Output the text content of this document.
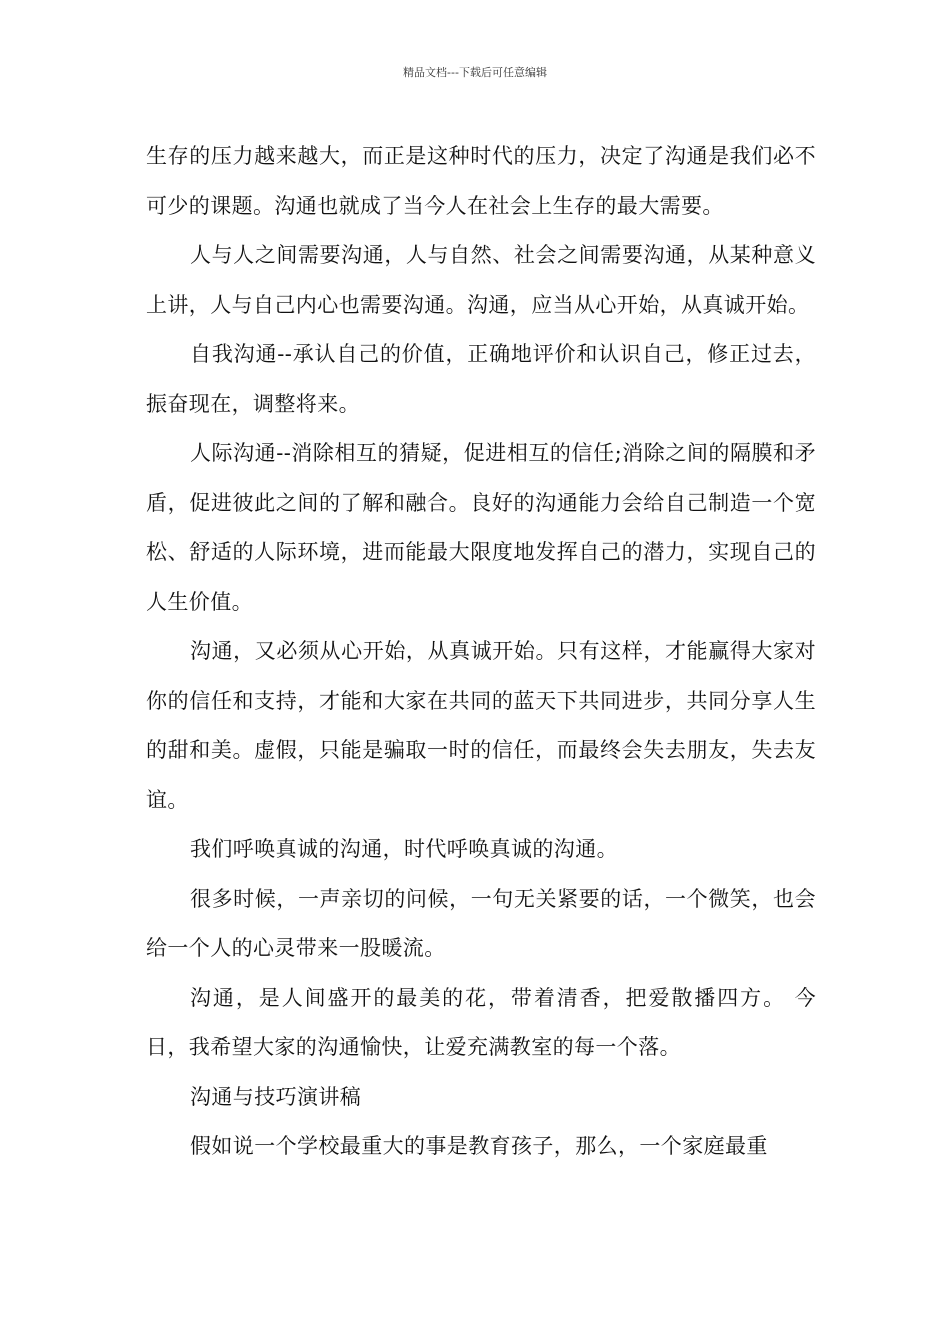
精品文档---下载后可任意编辑

生存的压力越来越大，而正是这种时代的压力，决定了沟通是我们必不可少的课题。沟通也就成了当今人在社会上生存的最大需要。

人与人之间需要沟通，人与自然、社会之间需要沟通，从某种意义上讲，人与自己内心也需要沟通。沟通，应当从心开始，从真诚开始。

自我沟通--承认自己的价值，正确地评价和认识自己，修正过去，振奋现在，调整将来。

人际沟通--消除相互的猜疑，促进相互的信任;消除之间的隔膜和矛盾，促进彼此之间的了解和融合。良好的沟通能力会给自己制造一个宽松、舒适的人际环境，进而能最大限度地发挥自己的潜力，实现自己的人生价值。

沟通，又必须从心开始，从真诚开始。只有这样，才能赢得大家对你的信任和支持，才能和大家在共同的蓝天下共同进步，共同分享人生的甜和美。虚假，只能是骗取一时的信任，而最终会失去朋友，失去友谊。

我们呼唤真诚的沟通，时代呼唤真诚的沟通。

很多时候，一声亲切的问候，一句无关紧要的话，一个微笑，也会给一个人的心灵带来一股暖流。

沟通，是人间盛开的最美的花，带着清香，把爱散播四方。 今日，我希望大家的沟通愉快，让爱充满教室的每一个落。

沟通与技巧演讲稿

假如说一个学校最重大的事是教育孩子，那么，一个家庭最重
